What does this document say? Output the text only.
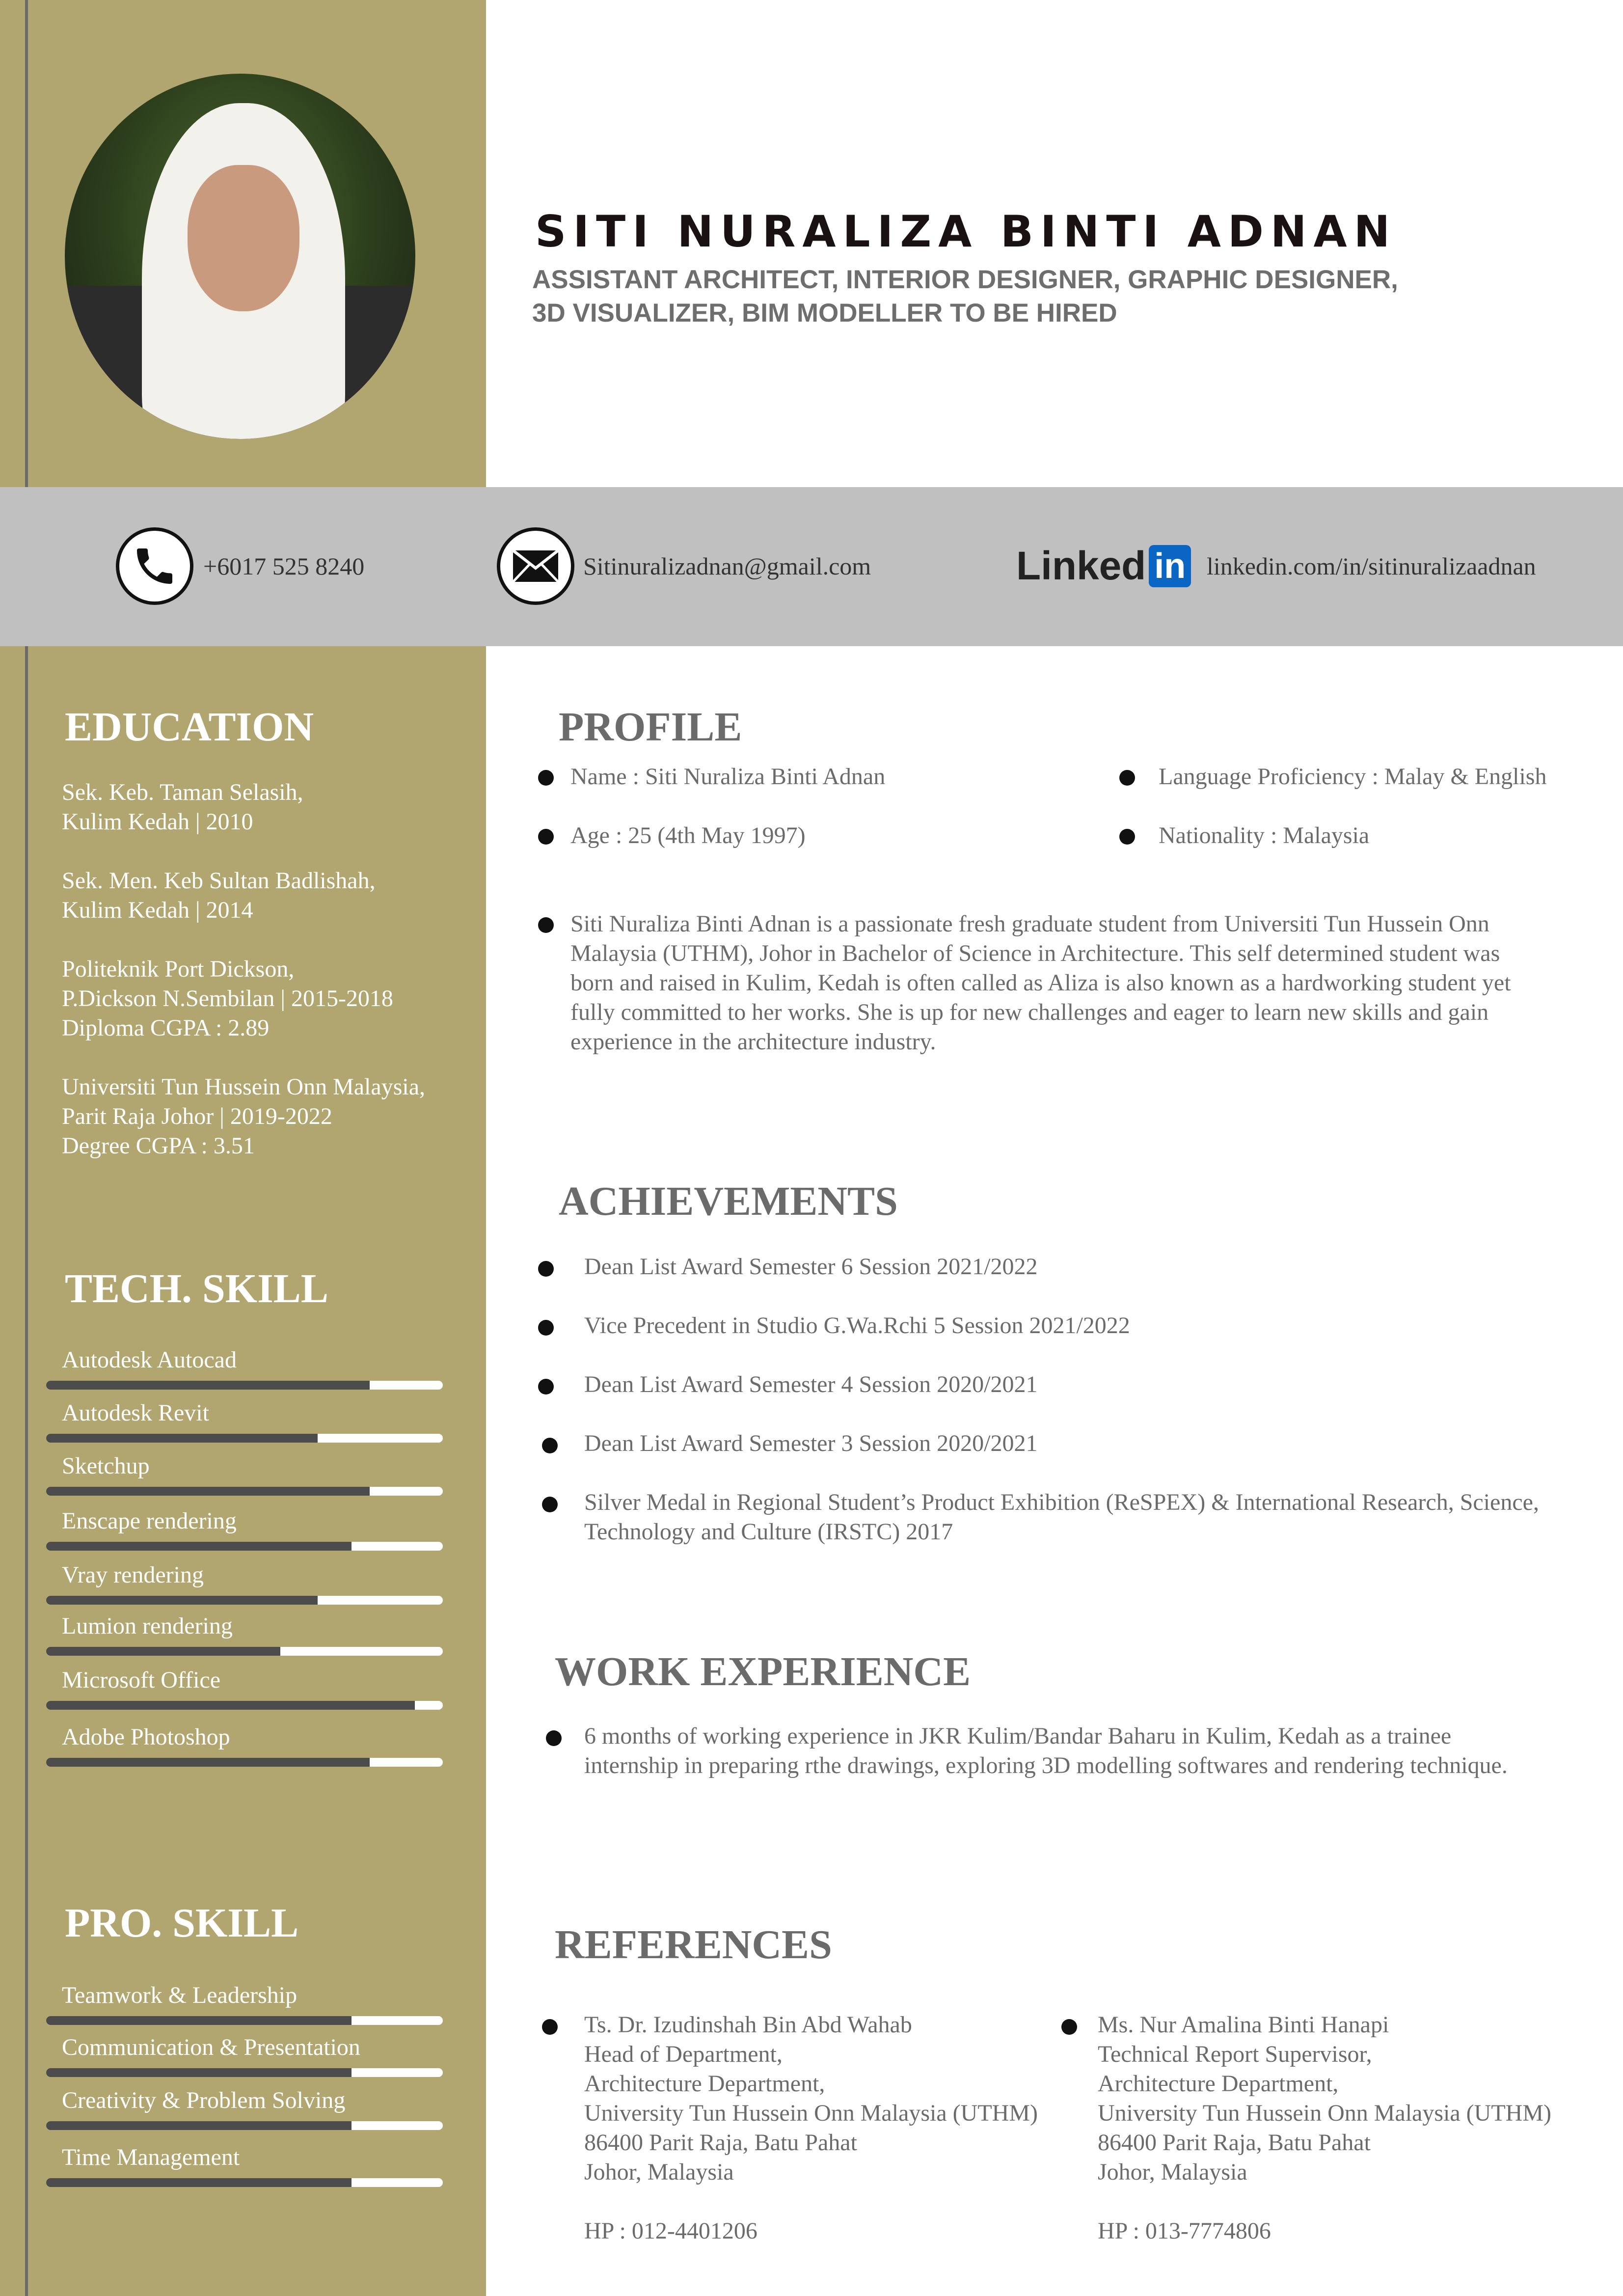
SITI NURALIZA BINTI ADNAN
ASSISTANT ARCHITECT, INTERIOR DESIGNER, GRAPHIC DESIGNER,
3D VISUALIZER, BIM MODELLER TO BE HIRED
+6017 525 8240	Sitinuralizadnan@gmail.com	Linked in linkedin.com/in/sitinuralizaadnan
EDUCATION
Sek. Keb. Taman Selasih,
Kulim Kedah | 2010
Sek. Men. Keb Sultan Badlishah,
Kulim Kedah | 2014
Politeknik Port Dickson,
P.Dickson N.Sembilan | 2015-2018
Diploma CGPA : 2.89
Universiti Tun Hussein Onn Malaysia,
Parit Raja Johor | 2019-2022
Degree CGPA : 3.51
TECH. SKILL
Autodesk Autocad
Autodesk Revit
Sketchup
Enscape rendering
Vray rendering
Lumion rendering
Microsoft Office
Adobe Photoshop
PRO. SKILL
Teamwork & Leadership
Communication & Presentation
Creativity & Problem Solving
Time Management
PROFILE
Name : Siti Nuraliza Binti Adnan
Age : 25 (4th May 1997)
Language Proficiency : Malay & English
Nationality : Malaysia
Siti Nuraliza Binti Adnan is a passionate fresh graduate student from Universiti Tun Hussein Onn
Malaysia (UTHM), Johor in Bachelor of Science in Architecture. This self determined student was
born and raised in Kulim, Kedah is often called as Aliza is also known as a hardworking student yet
fully committed to her works. She is up for new challenges and eager to learn new skills and gain
experience in the architecture industry.
ACHIEVEMENTS
Dean List Award Semester 6 Session 2021/2022
Vice Precedent in Studio G.Wa.Rchi 5 Session 2021/2022
Dean List Award Semester 4 Session 2020/2021
Dean List Award Semester 3 Session 2020/2021
Silver Medal in Regional Student’s Product Exhibition (ReSPEX) & International Research, Science,
Technology and Culture (IRSTC) 2017
WORK EXPERIENCE
6 months of working experience in JKR Kulim/Bandar Baharu in Kulim, Kedah as a trainee
internship in preparing rthe drawings, exploring 3D modelling softwares and rendering technique.
REFERENCES
Ts. Dr. Izudinshah Bin Abd Wahab
Head of Department,
Architecture Department,
University Tun Hussein Onn Malaysia (UTHM)
86400 Parit Raja, Batu Pahat
Johor, Malaysia
HP : 012-4401206
Ms. Nur Amalina Binti Hanapi
Technical Report Supervisor,
Architecture Department,
University Tun Hussein Onn Malaysia (UTHM)
86400 Parit Raja, Batu Pahat
Johor, Malaysia
HP : 013-7774806
